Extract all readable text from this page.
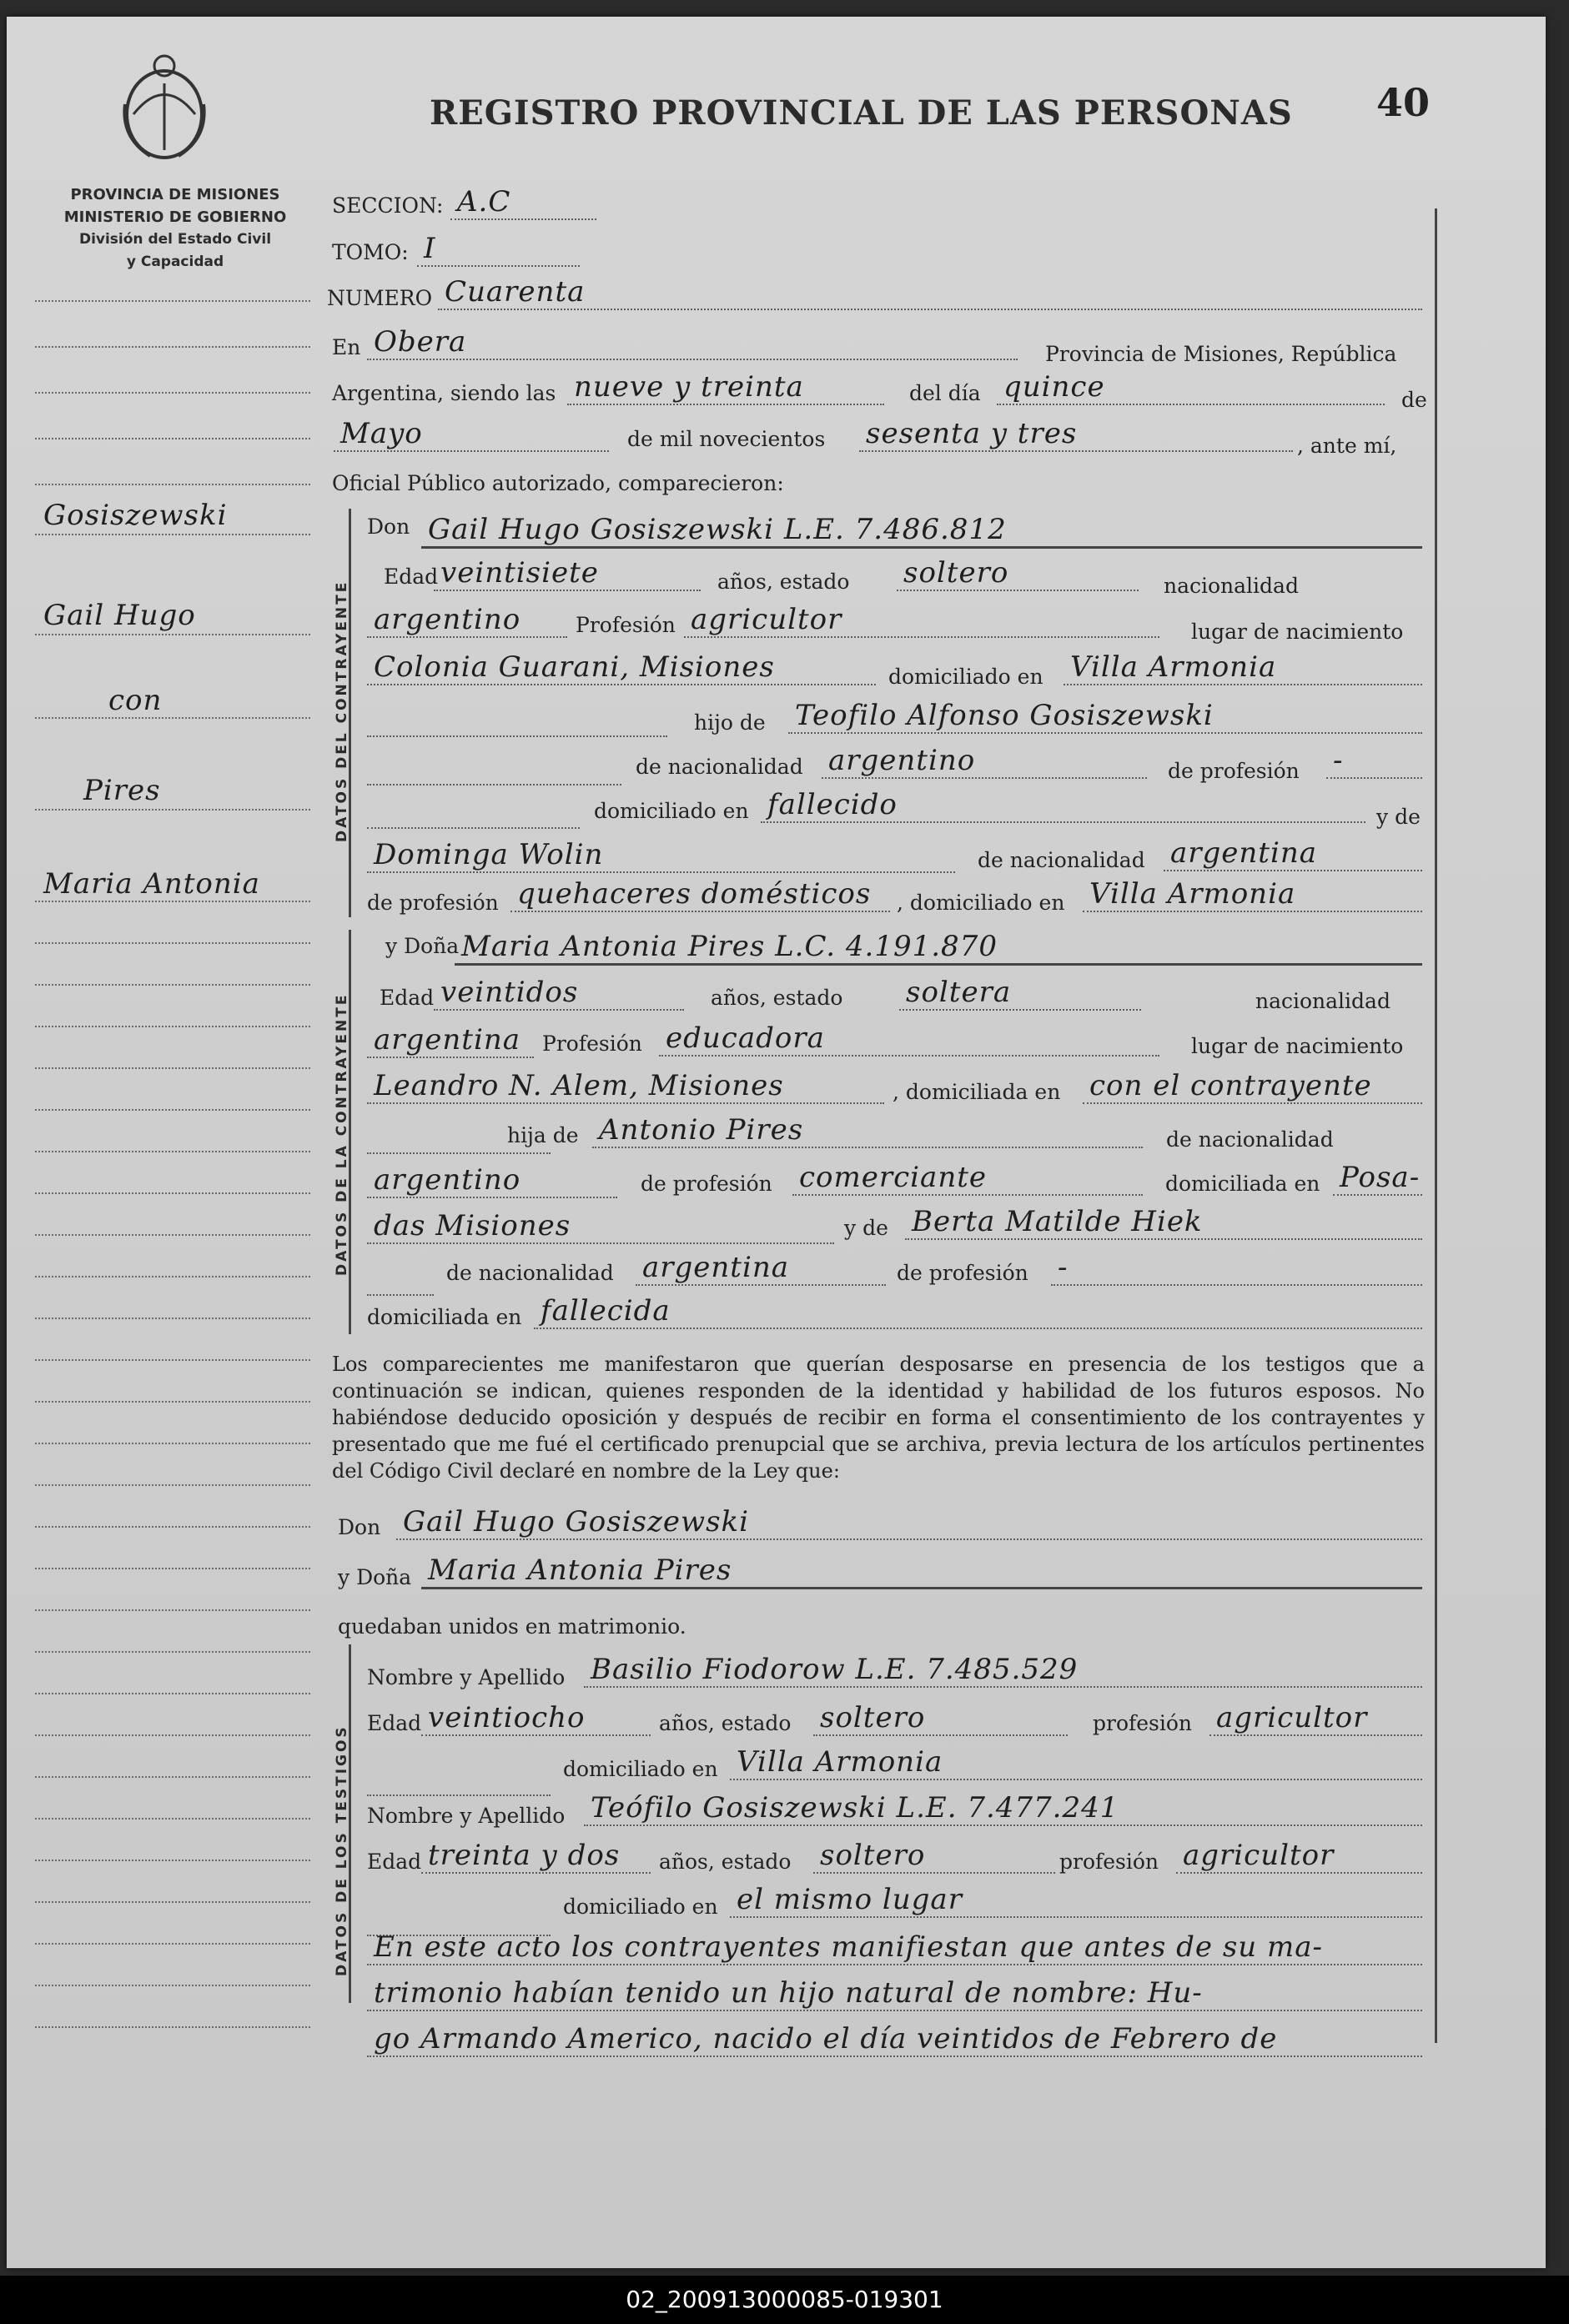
REGISTRO PROVINCIAL DE LAS PERSONAS 40
PROVINCIA DE MISIONES
MINISTERIO DE GOBIERNO
División del Estado Civil
y Capacidad
Gosiszewski
Gail Hugo
con
Pires
Maria Antonia
SECCION: A.C
TOMO: I
NUMERO Cuarenta
En Obera	Provincia de Misiones, República
Argentina, siendo las nueve y treinta	del día quince	de
Mayo	de mil novecientos sesenta y tres	, ante mí,
Oficial Público autorizado, comparecieron:
DATOS DEL CONTRAYENTE
Don Gail Hugo Gosiszewski L.E. 7.486.812
Edad veintisiete	años, estado soltero	nacionalidad
argentino	Profesión agricultor	lugar de nacimiento
Colonia Guarani, Misiones	domiciliado en Villa Armonia
hijo de Teofilo Alfonso Gosiszewski
de nacionalidad argentino	de profesión -
domiciliado en fallecido	y de
Dominga Wolin	de nacionalidad argentina
de profesión quehaceres domésticos , domiciliado en Villa Armonia
DATOS DE LA CONTRAYENTE
y Doña Maria Antonia Pires L.C. 4.191.870
Edad veintidos	años, estado soltera	nacionalidad
argentina Profesión educadora	lugar de nacimiento
Leandro N. Alem, Misiones	, domiciliada en con el contrayente
hija de Antonio Pires	de nacionalidad
argentino	de profesión comerciante	domiciliada en Posa-
das Misiones	y de Berta Matilde Hiek
de nacionalidad argentina	de profesión -
domiciliada en fallecida
Los comparecientes me manifestaron que querían desposarse en presencia de los testigos que a continuación se indican, quienes responden de la identidad y habilidad de los futuros esposos. No habiéndose deducido oposición y después de recibir en forma el consentimiento de los contrayentes y presentado que me fué el certificado prenupcial que se archiva, previa lectura de los artículos pertinentes del Código Civil declaré en nombre de la Ley que:
Don Gail Hugo Gosiszewski
y Doña Maria Antonia Pires
quedaban unidos en matrimonio.
DATOS DE LOS TESTIGOS
Nombre y Apellido Basilio Fiodorow L.E. 7.485.529
Edad veintiocho	años, estado soltero	profesión agricultor
domiciliado en Villa Armonia
Nombre y Apellido Teófilo Gosiszewski L.E. 7.477.241
Edad treinta y dos años, estado soltero	profesión agricultor
domiciliado en el mismo lugar
En este acto los contrayentes manifiestan que antes de su ma-
trimonio habían tenido un hijo natural de nombre: Hu-
go Armando Americo, nacido el día veintidos de Febrero de
02_200913000085-019301
